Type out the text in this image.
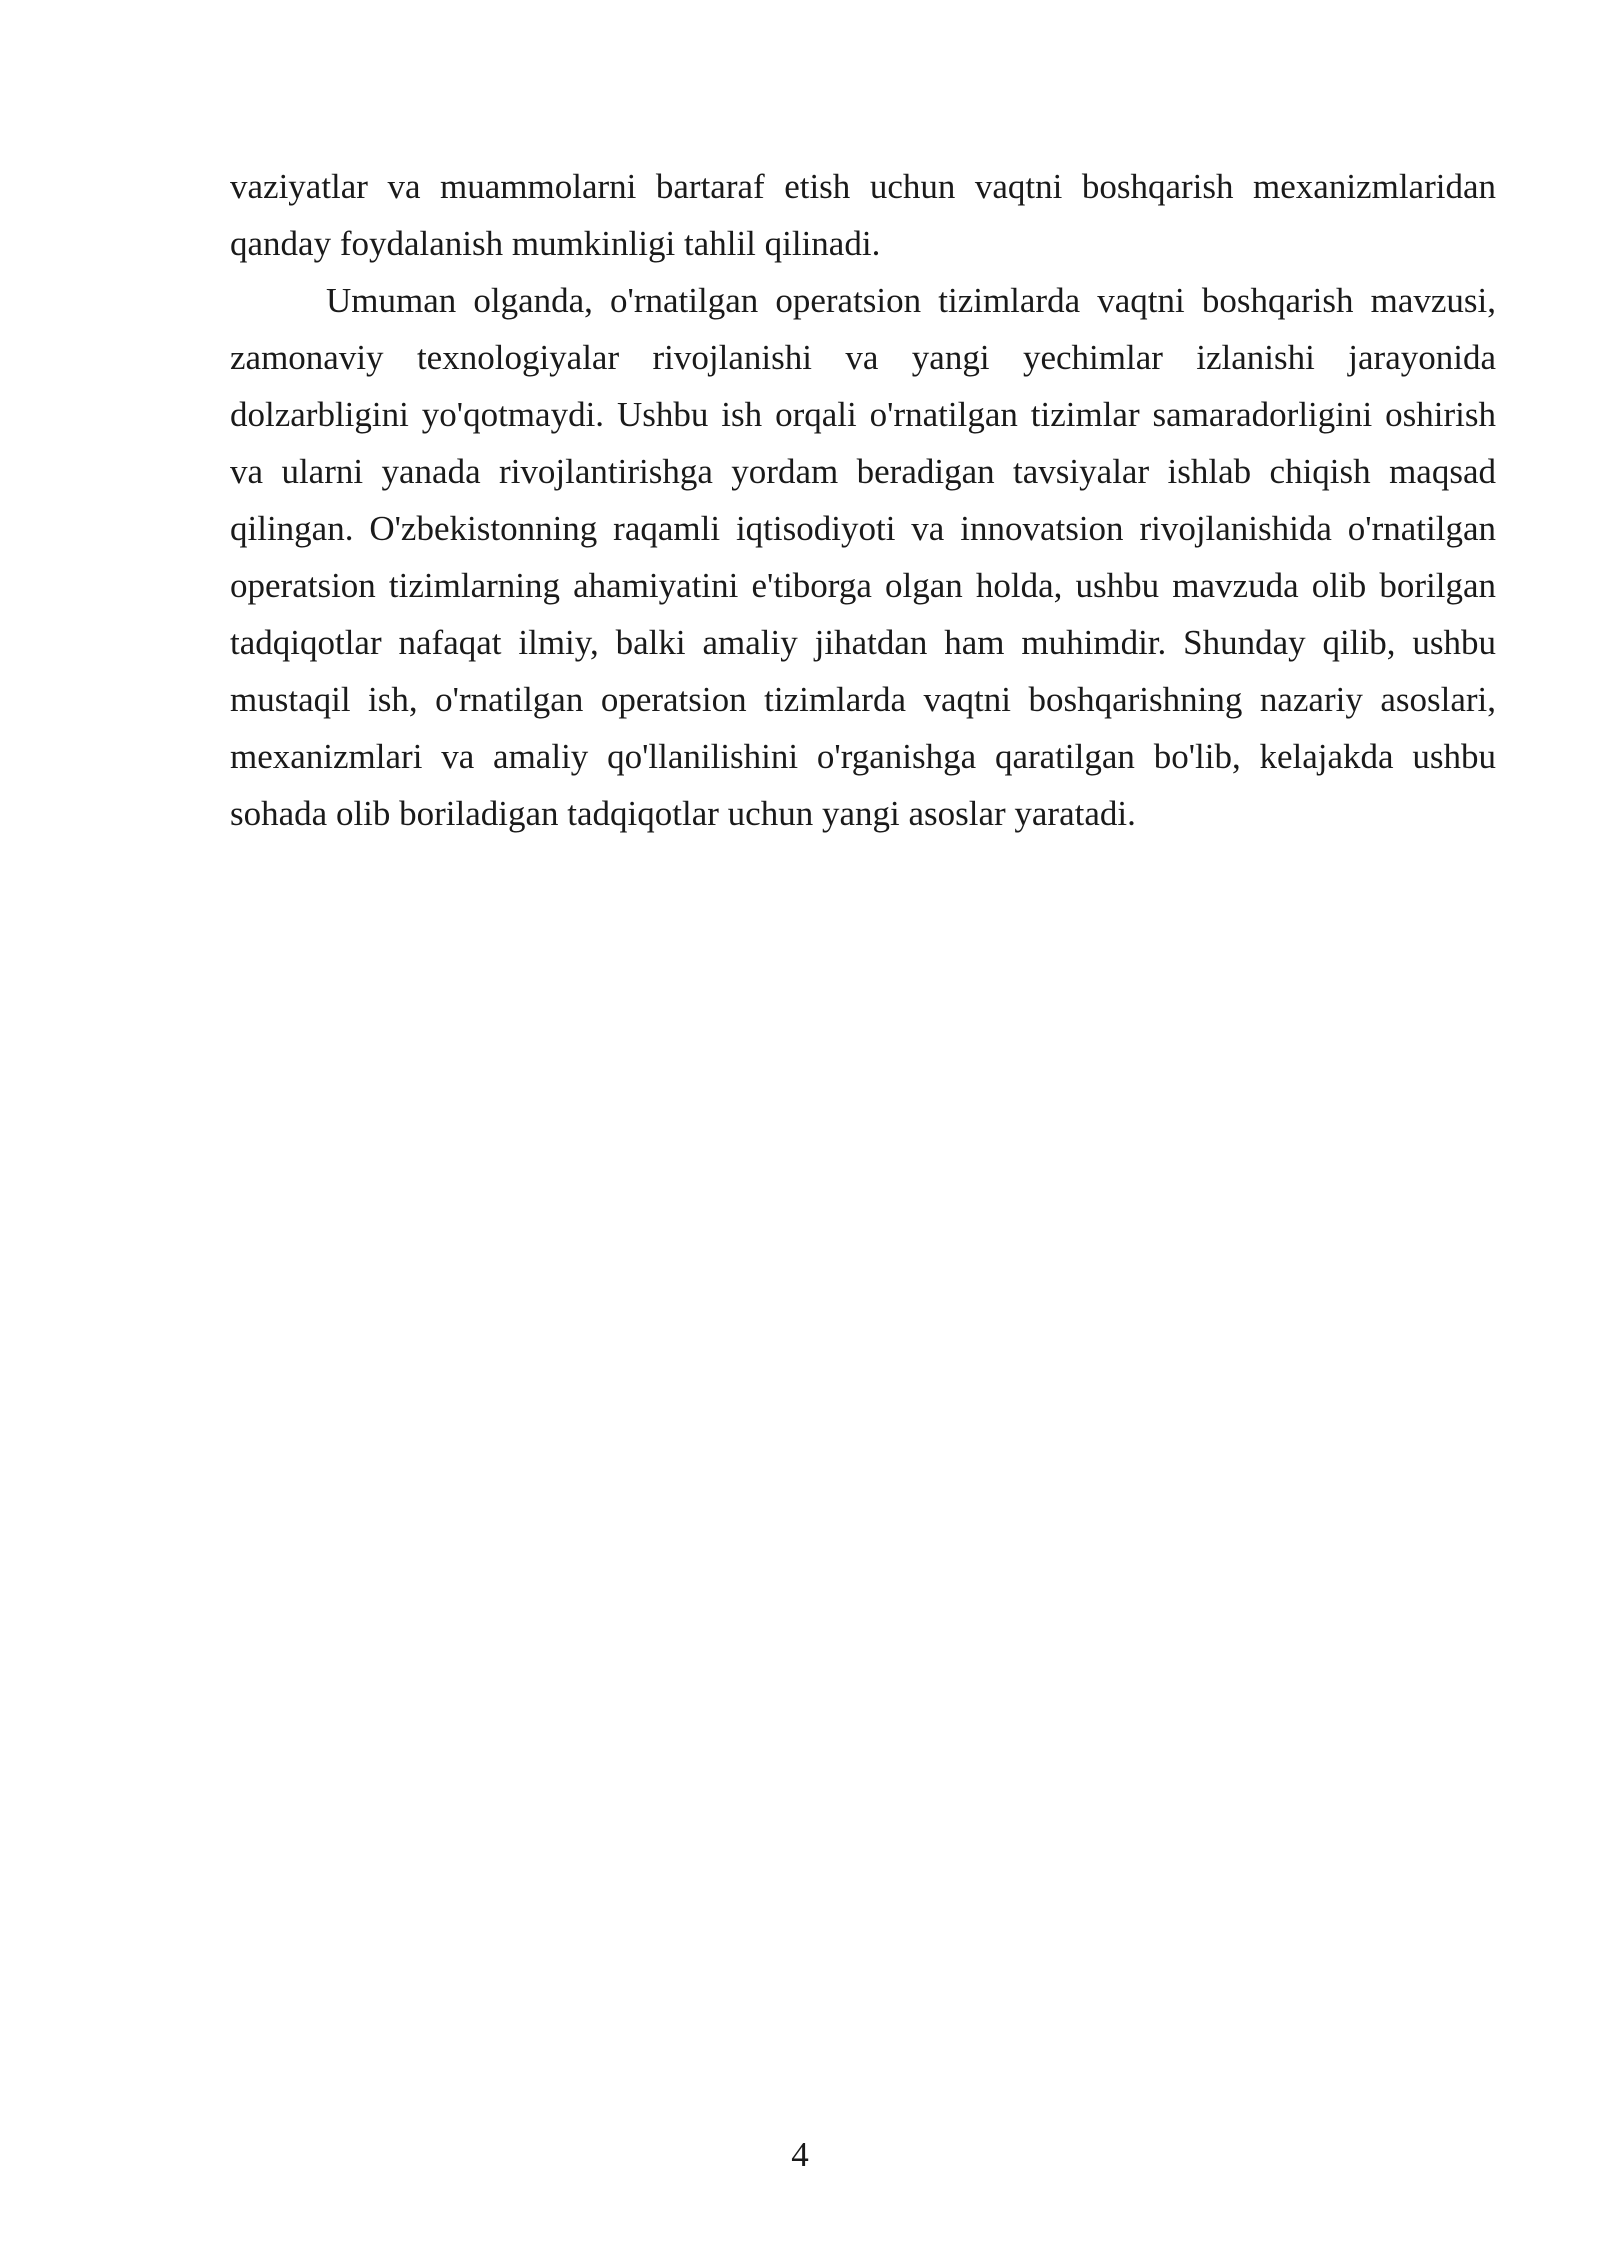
vaziyatlar va muammolarni bartaraf etish uchun vaqtni boshqarish mexanizmlaridan qanday foydalanish mumkinligi tahlil qilinadi.

Umuman olganda, o'rnatilgan operatsion tizimlarda vaqtni boshqarish mavzusi, zamonaviy texnologiyalar rivojlanishi va yangi yechimlar izlanishi jarayonida dolzarbligini yo'qotmaydi. Ushbu ish orqali o'rnatilgan tizimlar samaradorligini oshirish va ularni yanada rivojlantirishga yordam beradigan tavsiyalar ishlab chiqish maqsad qilingan. O'zbekistonning raqamli iqtisodiyoti va innovatsion rivojlanishida o'rnatilgan operatsion tizimlarning ahamiyatini e'tiborga olgan holda, ushbu mavzuda olib borilgan tadqiqotlar nafaqat ilmiy, balki amaliy jihatdan ham muhimdir. Shunday qilib, ushbu mustaqil ish, o'rnatilgan operatsion tizimlarda vaqtni boshqarishning nazariy asoslari, mexanizmlari va amaliy qo'llanilishini o'rganishga qaratilgan bo'lib, kelajakda ushbu sohada olib boriladigan tadqiqotlar uchun yangi asoslar yaratadi.

4
